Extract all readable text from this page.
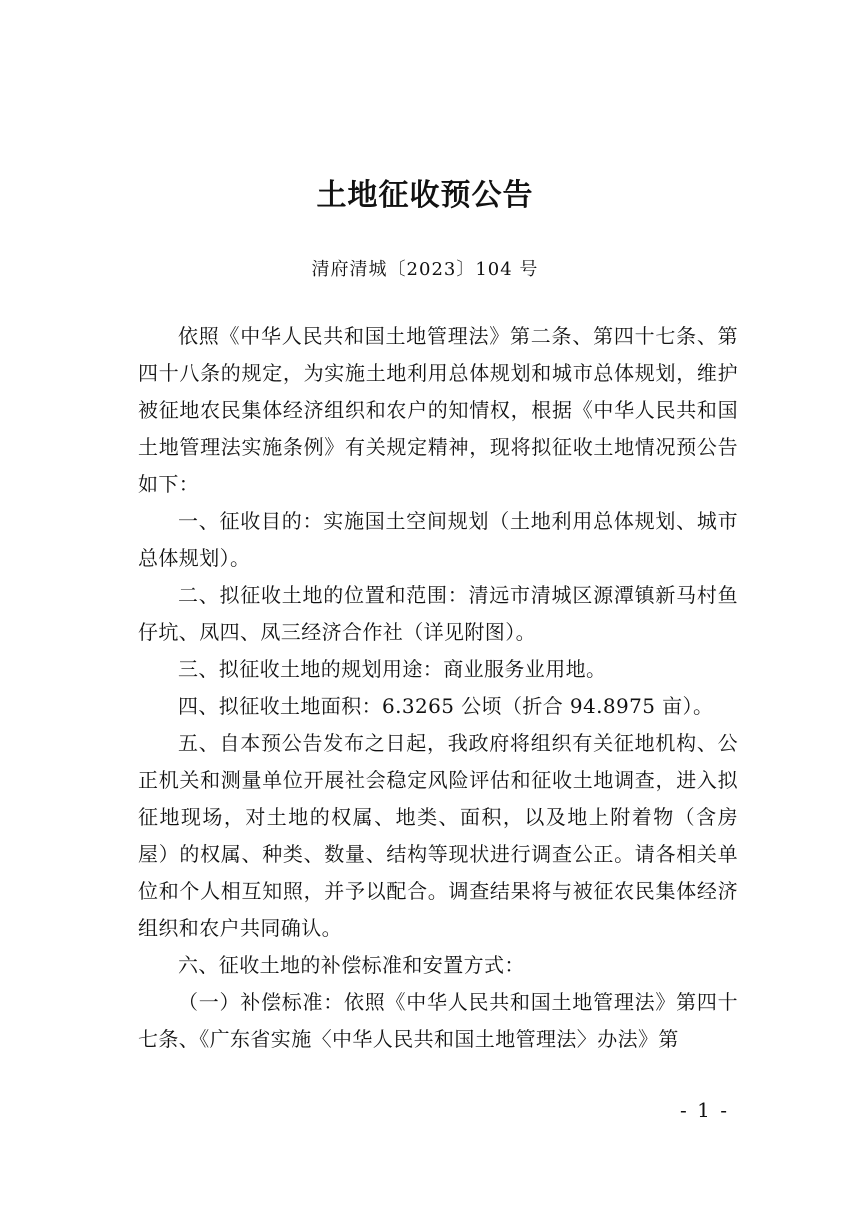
土地征收预公告
清府清城〔2023〕104 号

依照《中华人民共和国土地管理法》第二条、第四十七条、第四十八条的规定，为实施土地利用总体规划和城市总体规划，维护被征地农民集体经济组织和农户的知情权，根据《中华人民共和国土地管理法实施条例》有关规定精神，现将拟征收土地情况预公告如下：

一、征收目的：实施国土空间规划（土地利用总体规划、城市总体规划）。

二、拟征收土地的位置和范围：清远市清城区源潭镇新马村鱼仔坑、凤四、凤三经济合作社（详见附图）。

三、拟征收土地的规划用途：商业服务业用地。

四、拟征收土地面积：6.3265 公顷（折合 94.8975 亩）。

五、自本预公告发布之日起，我政府将组织有关征地机构、公正机关和测量单位开展社会稳定风险评估和征收土地调查，进入拟征地现场，对土地的权属、地类、面积，以及地上附着物（含房屋）的权属、种类、数量、结构等现状进行调查公正。请各相关单位和个人相互知照，并予以配合。调查结果将与被征农民集体经济组织和农户共同确认。

六、征收土地的补偿标准和安置方式：

（一）补偿标准：依照《中华人民共和国土地管理法》第四十七条、《广东省实施〈中华人民共和国土地管理法〉办法》第

- 1 -
